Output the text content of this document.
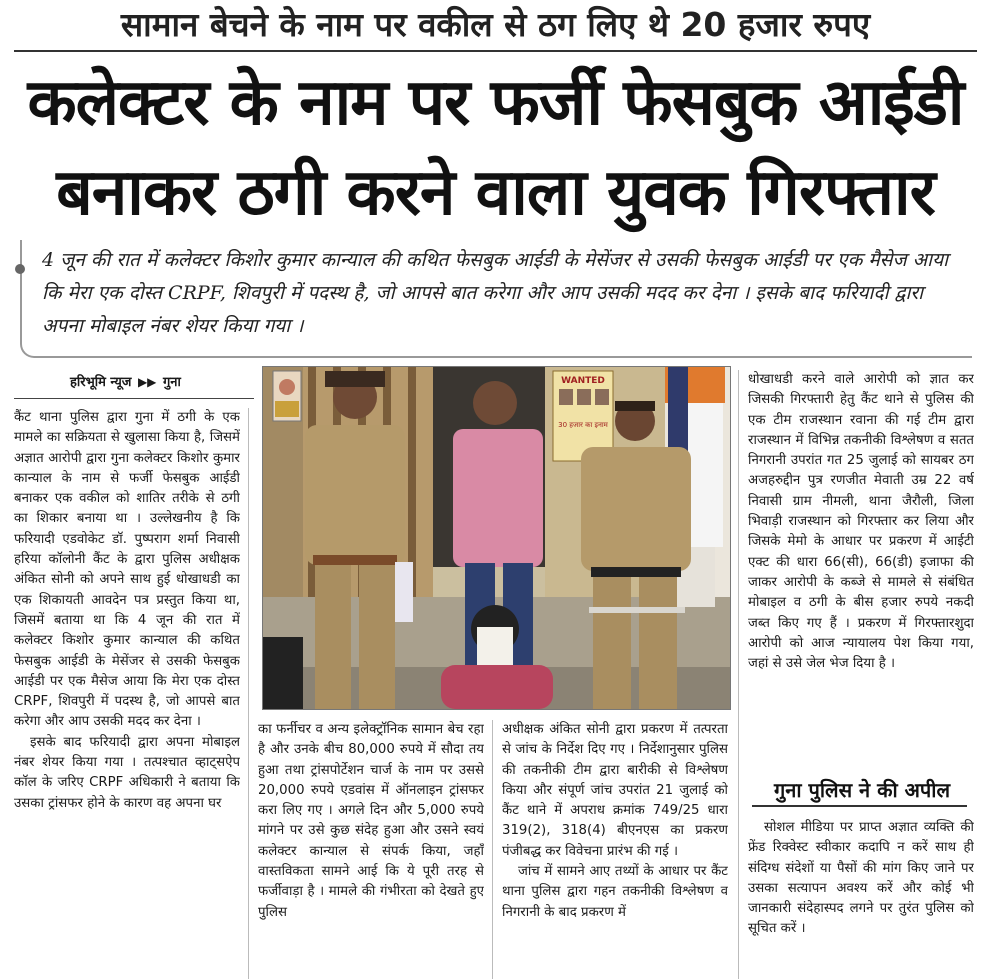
सामान बेचने के नाम पर वकील से ठग लिए थे 20 हजार रुपए
कलेक्टर के नाम पर फर्जी फेसबुक आईडी
बनाकर ठगी करने वाला युवक गिरफ्तार
4 जून की रात में कलेक्टर किशोर कुमार कान्याल की कथित फेसबुक आईडी के मेसेंजर से उसकी फेसबुक आईडी पर एक मैसेज आया कि मेरा एक दोस्त CRPF, शिवपुरी में पदस्थ है, जो आपसे बात करेगा और आप उसकी मदद कर देना । इसके बाद फरियादी द्वारा अपना मोबाइल नंबर शेयर किया गया ।
हरिभूमि न्यूज ▶▶ गुना

कैंट थाना पुलिस द्वारा गुना में ठगी के एक मामले का सक्रियता से खुलासा किया है, जिसमें अज्ञात आरोपी द्वारा गुना कलेक्टर किशोर कुमार कान्याल के नाम से फर्जी फेसबुक आईडी बनाकर एक वकील को शातिर तरीके से ठगी का शिकार बनाया था । उल्लेखनीय है कि फरियादी एडवोकेट डॉ. पुष्पराग शर्मा निवासी हरिया कॉलोनी कैंट के द्वारा पुलिस अधीक्षक अंकित सोनी को अपने साथ हुई धोखाधडी का एक शिकायती आवदेन पत्र प्रस्तुत किया था, जिसमें बताया था कि 4 जून की रात में कलेक्टर किशोर कुमार कान्याल की कथित फेसबुक आईडी के मेसेंजर से उसकी फेसबुक आईडी पर एक मैसेज आया कि मेरा एक दोस्त CRPF, शिवपुरी में पदस्थ है, जो आपसे बात करेगा और आप उसकी मदद कर देना ।

इसके बाद फरियादी द्वारा अपना मोबाइल नंबर शेयर किया गया । तत्पश्चात व्हाट्सऐप कॉल के जरिए CRPF अधिकारी ने बताया कि उसका ट्रांसफर होने के कारण वह अपना घर

WANTED
30 हजार का इनाम

का फर्नीचर व अन्य इलेक्ट्रॉनिक सामान बेच रहा है और उनके बीच 80,000 रुपये में सौदा तय हुआ तथा ट्रांसपोर्टेशन चार्ज के नाम पर उससे 20,000 रुपये एडवांस में ऑनलाइन ट्रांसफर करा लिए गए । अगले दिन और 5,000 रुपये मांगने पर उसे कुछ संदेह हुआ और उसने स्वयं कलेक्टर कान्याल से संपर्क किया, जहाँ वास्तविकता सामने आई कि ये पूरी तरह से फर्जीवाड़ा है । मामले की गंभीरता को देखते हुए पुलिस

अधीक्षक अंकित सोनी द्वारा प्रकरण में तत्परता से जांच के निर्देश दिए गए । निर्देशानुसार पुलिस की तकनीकी टीम द्वारा बारीकी से विश्लेषण किया और संपूर्ण जांच उपरांत 21 जुलाई को कैंट थाने में अपराध क्रमांक 749/25 धारा 319(2), 318(4) बीएनएस का प्रकरण पंजीबद्ध कर विवेचना प्रारंभ की गई ।

जांच में सामने आए तथ्यों के आधार पर कैंट थाना पुलिस द्वारा गहन तकनीकी विश्लेषण व निगरानी के बाद प्रकरण में

धोखाधडी करने वाले आरोपी को ज्ञात कर जिसकी गिरफ्तारी हेतु कैंट थाने से पुलिस की एक टीम राजस्थान रवाना की गई टीम द्वारा राजस्थान में विभिन्न तकनीकी विश्लेषण व सतत निगरानी उपरांत गत 25 जुलाई को सायबर ठग अजहरुद्दीन पुत्र रणजीत मेवाती उम्र 22 वर्ष निवासी ग्राम नीमली, थाना जैरौली, जिला भिवाड़ी राजस्थान को गिरफ्तार कर लिया और जिसके मेमो के आधार पर प्रकरण में आईटी एक्ट की धारा 66(सी), 66(डी) इजाफा की जाकर आरोपी के कब्जे से मामले से संबंधित मोबाइल व ठगी के बीस हजार रुपये नकदी जब्त किए गए हैं । प्रकरण में गिरफ्तारशुदा आरोपी को आज न्यायालय पेश किया गया, जहां से उसे जेल भेज दिया है ।

गुना पुलिस ने की अपील

सोशल मीडिया पर प्राप्त अज्ञात व्यक्ति की फ्रेंड रिक्वेस्ट स्वीकार कदापि न करें साथ ही संदिग्ध संदेशों या पैसों की मांग किए जाने पर उसका सत्यापन अवश्य करें और कोई भी जानकारी संदेहास्पद लगने पर तुरंत पुलिस को सूचित करें ।
